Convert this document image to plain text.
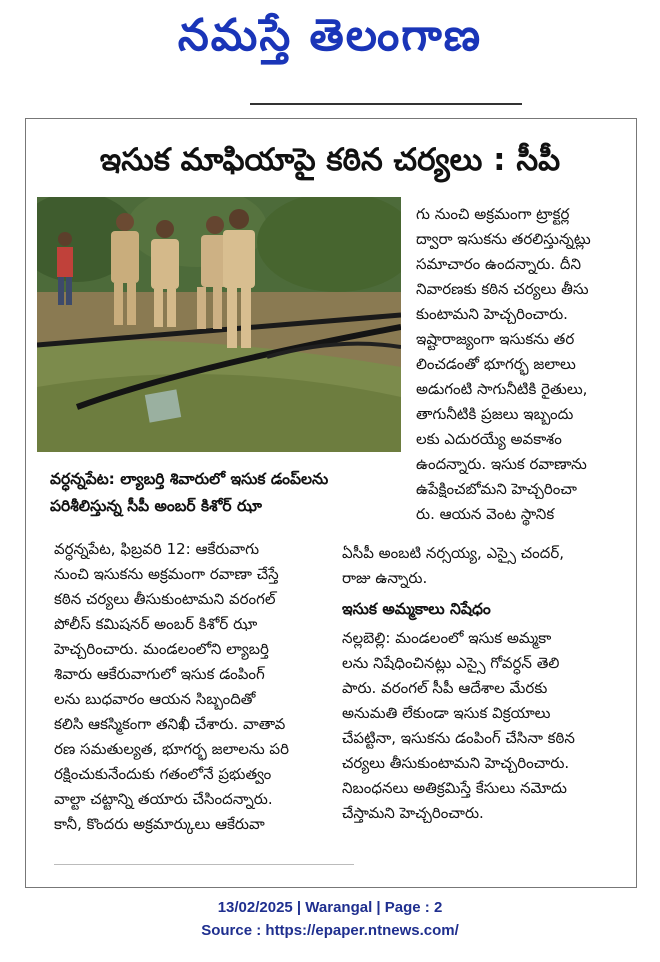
నమస్తే తెలంగాణ
ఇసుక మాఫియాపై కఠిన చర్యలు : సీపీ
వర్ధన్నపేట: ల్యాబర్తి శివారులో ఇసుక డంప్‌లను
పరిశీలిస్తున్న సీపీ అంబర్ కిశోర్ ఝా
గు నుంచి అక్రమంగా ట్రాక్టర్ల
ద్వారా ఇసుకను తరలిస్తున్నట్లు
సమాచారం ఉందన్నారు. దీని
నివారణకు కఠిన చర్యలు తీసు
కుంటామని హెచ్చరించారు.
ఇష్టారాజ్యంగా ఇసుకను తర
లించడంతో భూగర్భ జలాలు
అడుగంటి సాగునీటికి రైతులు,
తాగునీటికి ప్రజలు ఇబ్బందు
లకు ఎదురయ్యే అవకాశం
ఉందన్నారు. ఇసుక రవాణాను
ఉపేక్షించబోమని హెచ్చరించా
రు. ఆయన వెంట స్థానిక
వర్ధన్నపేట, ఫిబ్రవరి 12: ఆకేరువాగు
నుంచి ఇసుకను అక్రమంగా రవాణా చేస్తే
కఠిన చర్యలు తీసుకుంటామని వరంగల్
పోలీస్ కమిషనర్ అంబర్ కిశోర్ ఝా
హెచ్చరించారు. మండలంలోని ల్యాబర్తి
శివారు ఆకేరువాగులో ఇసుక డంపింగ్
లను బుధవారం ఆయన సిబ్బందితో
కలిసి ఆకస్మికంగా తనిఖీ చేశారు. వాతావ
రణ సమతుల్యత, భూగర్భ జలాలను పరి
రక్షించుకునేందుకు గతంలోనే ప్రభుత్వం
వాల్టా చట్టాన్ని తయారు చేసిందన్నారు.
కానీ, కొందరు అక్రమార్కులు ఆకేరువా
ఏసీపీ అంబటి నర్సయ్య, ఎస్సై చందర్,
రాజు ఉన్నారు.
ఇసుక అమ్మకాలు నిషేధం
నల్లబెల్లి: మండలంలో ఇసుక అమ్మకా
లను నిషేధించినట్లు ఎస్సై గోవర్ధన్ తెలి
పారు. వరంగల్ సీపీ ఆదేశాల మేరకు
అనుమతి లేకుండా ఇసుక విక్రయాలు
చేపట్టినా, ఇసుకను డంపింగ్ చేసినా కఠిన
చర్యలు తీసుకుంటామని హెచ్చరించారు.
నిబంధనలు అతిక్రమిస్తే కేసులు నమోదు
చేస్తామని హెచ్చరించారు.
13/02/2025 | Warangal | Page : 2
Source : https://epaper.ntnews.com/
